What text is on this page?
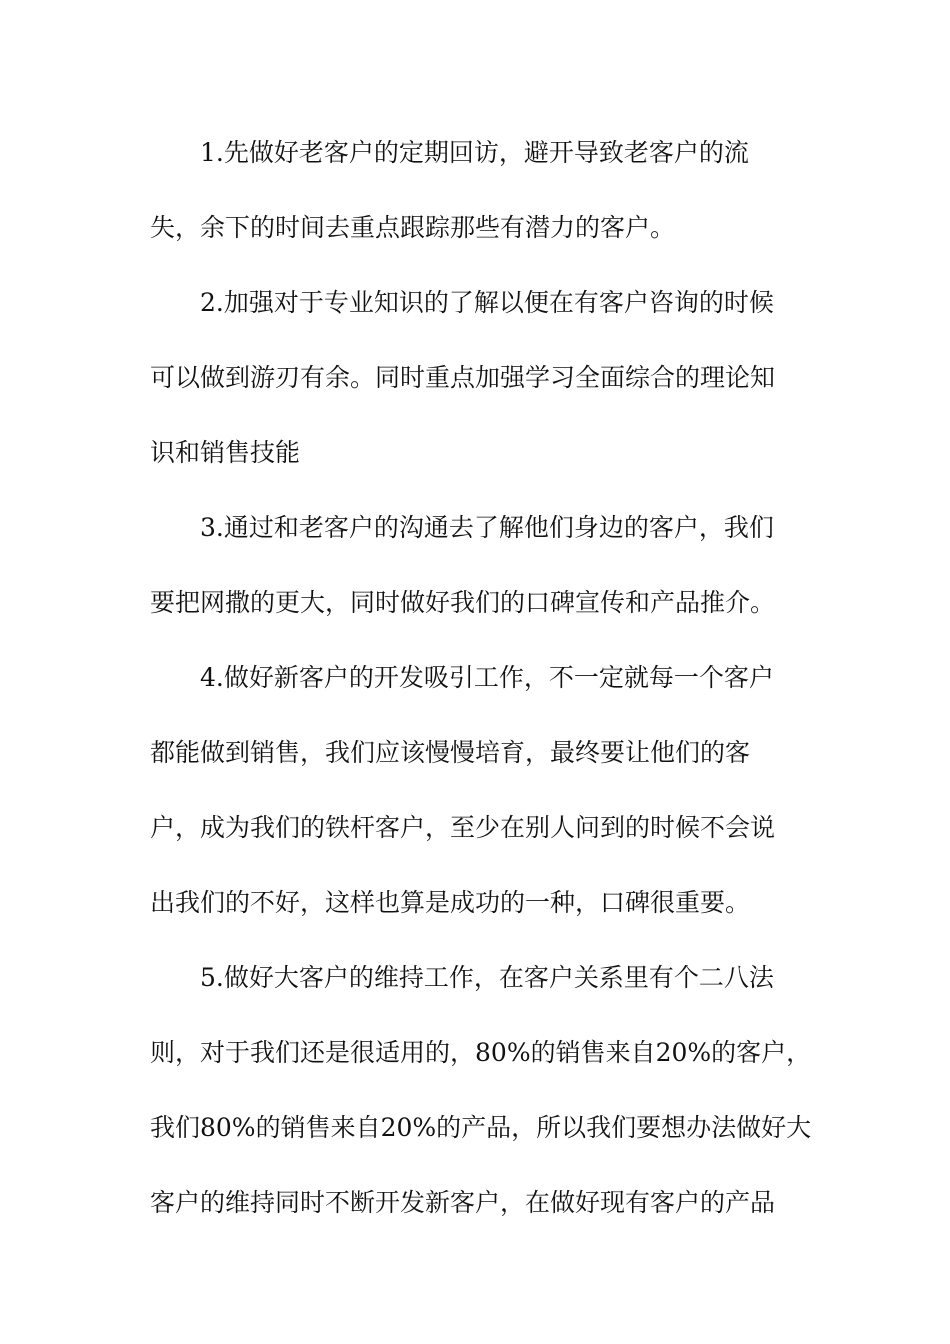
1.先做好老客户的定期回访，避开导致老客户的流
失，余下的时间去重点跟踪那些有潜力的客户。
2.加强对于专业知识的了解以便在有客户咨询的时候
可以做到游刃有余。同时重点加强学习全面综合的理论知
识和销售技能
3.通过和老客户的沟通去了解他们身边的客户，我们
要把网撒的更大，同时做好我们的口碑宣传和产品推介。
4.做好新客户的开发吸引工作，不一定就每一个客户
都能做到销售，我们应该慢慢培育，最终要让他们的客
户，成为我们的铁杆客户，至少在别人问到的时候不会说
出我们的不好，这样也算是成功的一种，口碑很重要。
5.做好大客户的维持工作，在客户关系里有个二八法
则，对于我们还是很适用的，80%的销售来自20%的客户，
我们80%的销售来自20%的产品，所以我们要想办法做好大
客户的维持同时不断开发新客户，在做好现有客户的产品
